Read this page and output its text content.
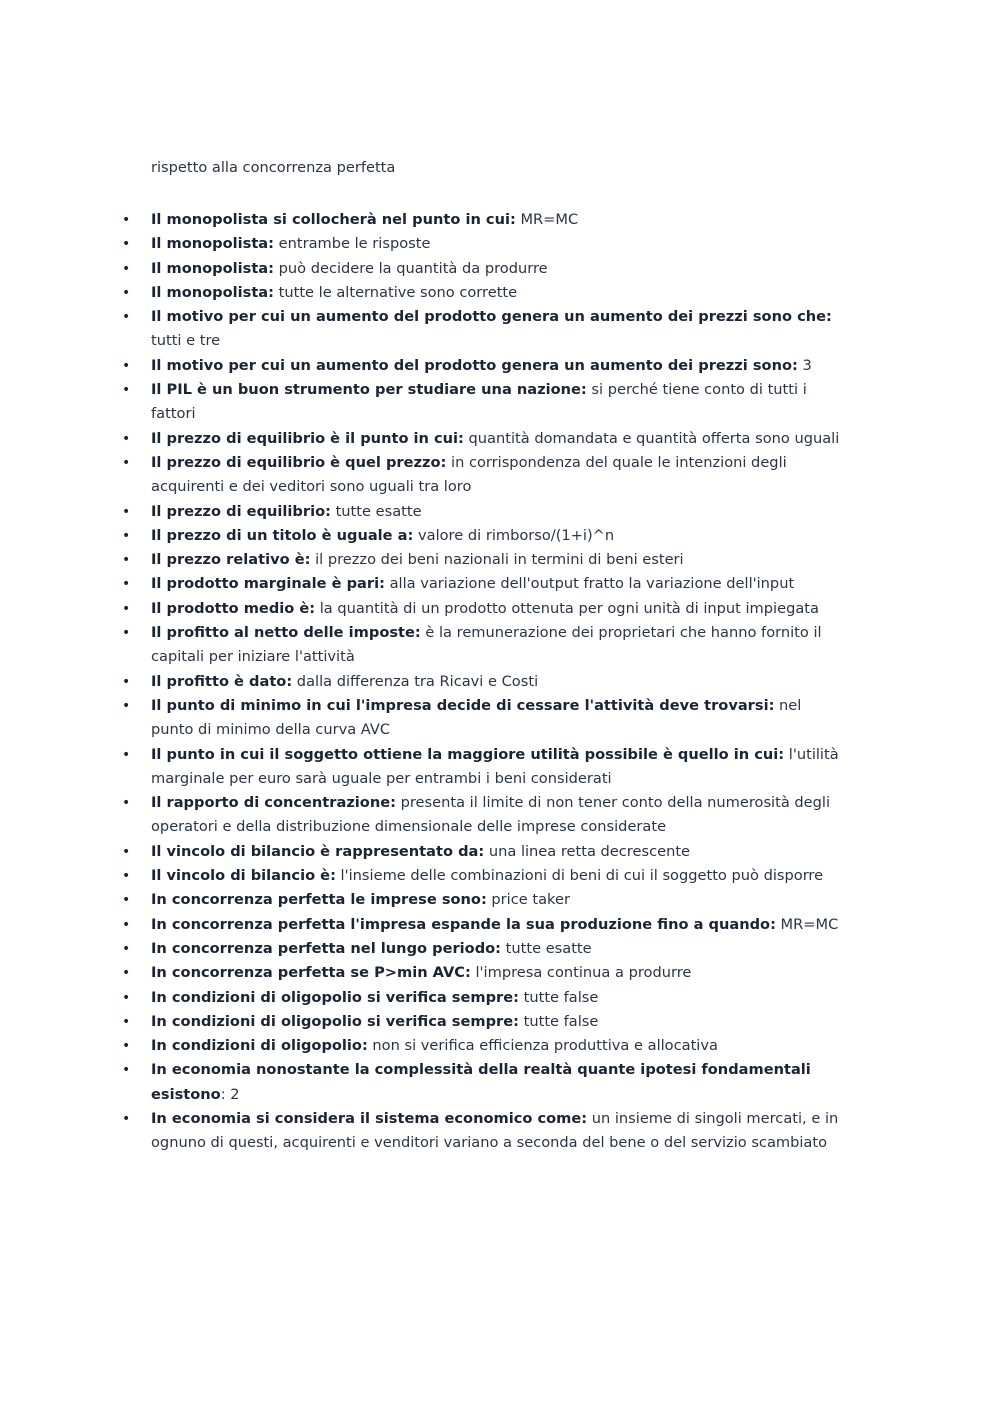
rispetto alla concorrenza perfetta

• Il monopolista si collocherà nel punto in cui: MR=MC
• Il monopolista: entrambe le risposte
• Il monopolista: può decidere la quantità da produrre
• Il monopolista: tutte le alternative sono corrette
• Il motivo per cui un aumento del prodotto genera un aumento dei prezzi sono che: tutti e tre
• Il motivo per cui un aumento del prodotto genera un aumento dei prezzi sono: 3
• Il PIL è un buon strumento per studiare una nazione: si perché tiene conto di tutti i fattori
• Il prezzo di equilibrio è il punto in cui: quantità domandata e quantità offerta sono uguali
• Il prezzo di equilibrio è quel prezzo: in corrispondenza del quale le intenzioni degli acquirenti e dei veditori sono uguali tra loro
• Il prezzo di equilibrio: tutte esatte
• Il prezzo di un titolo è uguale a: valore di rimborso/(1+i)^n
• Il prezzo relativo è: il prezzo dei beni nazionali in termini di beni esteri
• Il prodotto marginale è pari: alla variazione dell'output fratto la variazione dell'input
• Il prodotto medio è: la quantità di un prodotto ottenuta per ogni unità di input impiegata
• Il profitto al netto delle imposte: è la remunerazione dei proprietari che hanno fornito il capitali per iniziare l'attività
• Il profitto è dato: dalla differenza tra Ricavi e Costi
• Il punto di minimo in cui l'impresa decide di cessare l'attività deve trovarsi: nel punto di minimo della curva AVC
• Il punto in cui il soggetto ottiene la maggiore utilità possibile è quello in cui: l'utilità marginale per euro sarà uguale per entrambi i beni considerati
• Il rapporto di concentrazione: presenta il limite di non tener conto della numerosità degli operatori e della distribuzione dimensionale delle imprese considerate
• Il vincolo di bilancio è rappresentato da: una linea retta decrescente
• Il vincolo di bilancio è: l'insieme delle combinazioni di beni di cui il soggetto può disporre
• In concorrenza perfetta le imprese sono: price taker
• In concorrenza perfetta l'impresa espande la sua produzione fino a quando: MR=MC
• In concorrenza perfetta nel lungo periodo: tutte esatte
• In concorrenza perfetta se P>min AVC: l'impresa continua a produrre
• In condizioni di oligopolio si verifica sempre: tutte false
• In condizioni di oligopolio si verifica sempre: tutte false
• In condizioni di oligopolio: non si verifica efficienza produttiva e allocativa
• In economia nonostante la complessità della realtà quante ipotesi fondamentali esistono: 2
• In economia si considera il sistema economico come: un insieme di singoli mercati, e in ognuno di questi, acquirenti e venditori variano a seconda del bene o del servizio scambiato
